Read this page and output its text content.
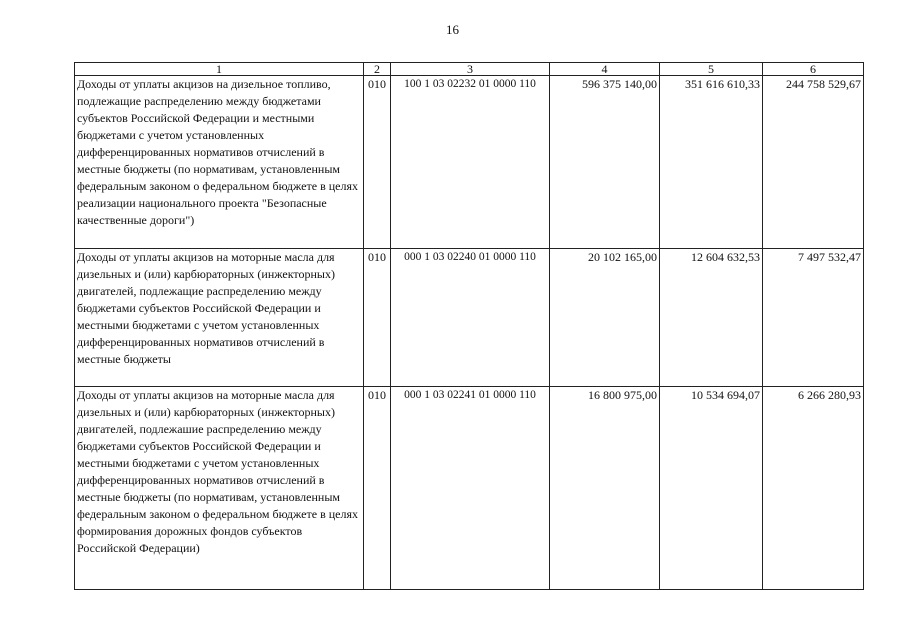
16
1	2	3	4	5	6
Доходы от уплаты акцизов на дизельное топливо, подлежащие распределению между бюджетами субъектов Российской Федерации и местными бюджетами с учетом установленных дифференцированных нормативов отчислений в местные бюджеты (по нормативам, установленным федеральным законом о федеральном бюджете в целях реализации национального проекта "Безопасные качественные дороги")	010	100 1 03 02232 01 0000 110	596 375 140,00	351 616 610,33	244 758 529,67
Доходы от уплаты акцизов на моторные масла для дизельных и (или) карбюраторных (инжекторных) двигателей, подлежащие распределению между бюджетами субъектов Российской Федерации и местными бюджетами с учетом установленных дифференцированных нормативов отчислений в местные бюджеты	010	000 1 03 02240 01 0000 110	20 102 165,00	12 604 632,53	7 497 532,47
Доходы от уплаты акцизов на моторные масла для дизельных и (или) карбюраторных (инжекторных) двигателей, подлежашие распределению между бюджетами субъектов Российской Федерации и местными бюджетами с учетом установленных дифференцированных нормативов отчислений в местные бюджеты (по нормативам, установленным федеральным законом о федеральном бюджете в целях формирования дорожных фондов субъектов Российской Федерации)	010	000 1 03 02241 01 0000 110	16 800 975,00	10 534 694,07	6 266 280,93
